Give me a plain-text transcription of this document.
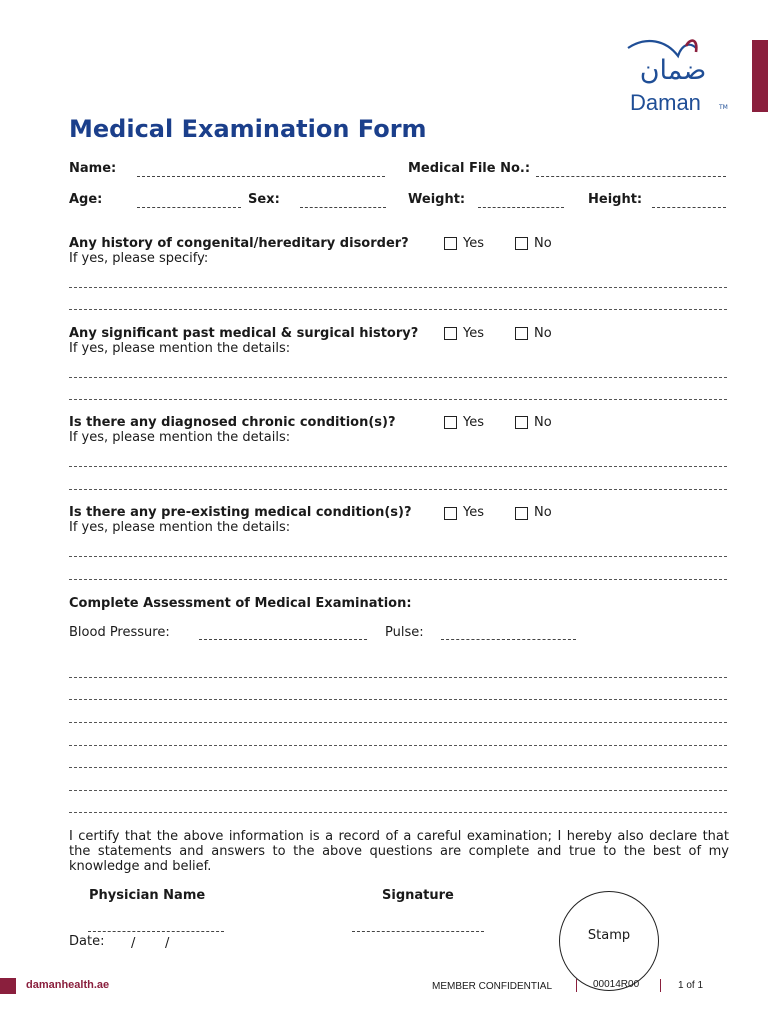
ضمان
Daman	TM
Medical Examination Form
Name:	Medical File No.:
Age:	Sex:	Weight:	Height:
Any history of congenital/hereditary disorder?	Yes	No
If yes, please specify:
Any significant past medical & surgical history?	Yes	No
If yes, please mention the details:
Is there any diagnosed chronic condition(s)?	Yes	No
If yes, please mention the details:
Is there any pre-existing medical condition(s)?	Yes	No
If yes, please mention the details:
Complete Assessment of Medical Examination:
Blood Pressure:	Pulse:
I certify that the above information is a record of a careful examination; I hereby also declare that the statements and answers to the above questions are complete and true to the best of my knowledge and belief.
Physician Name	Signature
Date: / /
Stamp
damanhealth.ae	MEMBER CONFIDENTIAL	00014R00	1 of 1
